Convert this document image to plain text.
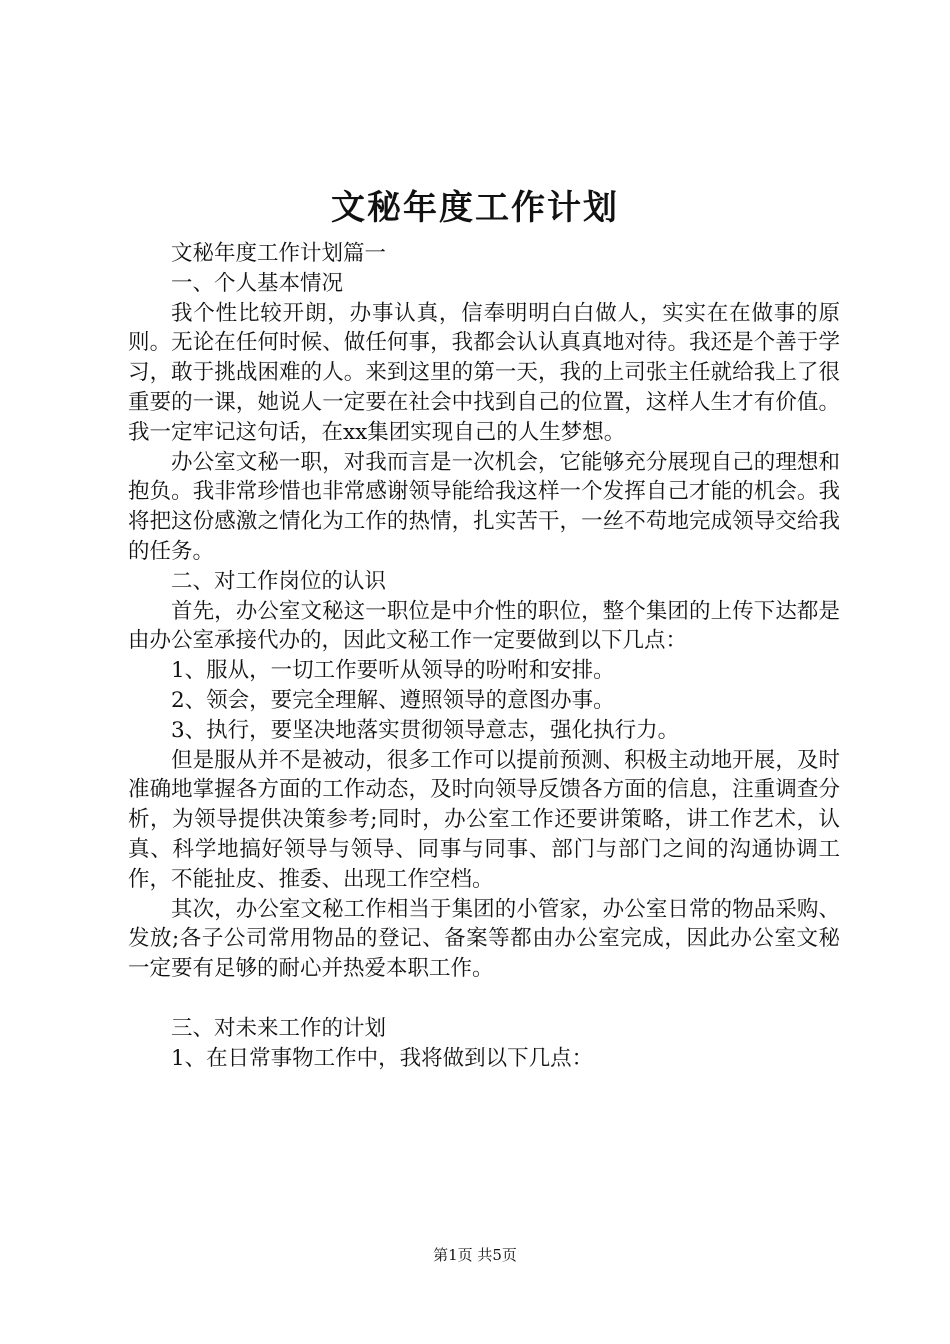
文秘年度工作计划

文秘年度工作计划篇一

一、个人基本情况

我个性比较开朗，办事认真，信奉明明白白做人，实实在在做事的原则。无论在任何时候、做任何事，我都会认认真真地对待。我还是个善于学习，敢于挑战困难的人。来到这里的第一天，我的上司张主任就给我上了很重要的一课，她说人一定要在社会中找到自己的位置，这样人生才有价值。我一定牢记这句话，在xx集团实现自己的人生梦想。

办公室文秘一职，对我而言是一次机会，它能够充分展现自己的理想和抱负。我非常珍惜也非常感谢领导能给我这样一个发挥自己才能的机会。我将把这份感激之情化为工作的热情，扎实苦干，一丝不苟地完成领导交给我的任务。

二、对工作岗位的认识

首先，办公室文秘这一职位是中介性的职位，整个集团的上传下达都是由办公室承接代办的，因此文秘工作一定要做到以下几点：

1、服从，一切工作要听从领导的吩咐和安排。

2、领会，要完全理解、遵照领导的意图办事。

3、执行，要坚决地落实贯彻领导意志，强化执行力。

但是服从并不是被动，很多工作可以提前预测、积极主动地开展，及时准确地掌握各方面的工作动态，及时向领导反馈各方面的信息，注重调查分析，为领导提供决策参考;同时，办公室工作还要讲策略，讲工作艺术，认真、科学地搞好领导与领导、同事与同事、部门与部门之间的沟通协调工作，不能扯皮、推委、出现工作空档。

其次，办公室文秘工作相当于集团的小管家，办公室日常的物品采购、发放;各子公司常用物品的登记、备案等都由办公室完成，因此办公室文秘一定要有足够的耐心并热爱本职工作。

三、对未来工作的计划

1、在日常事物工作中，我将做到以下几点：

第1页 共5页
